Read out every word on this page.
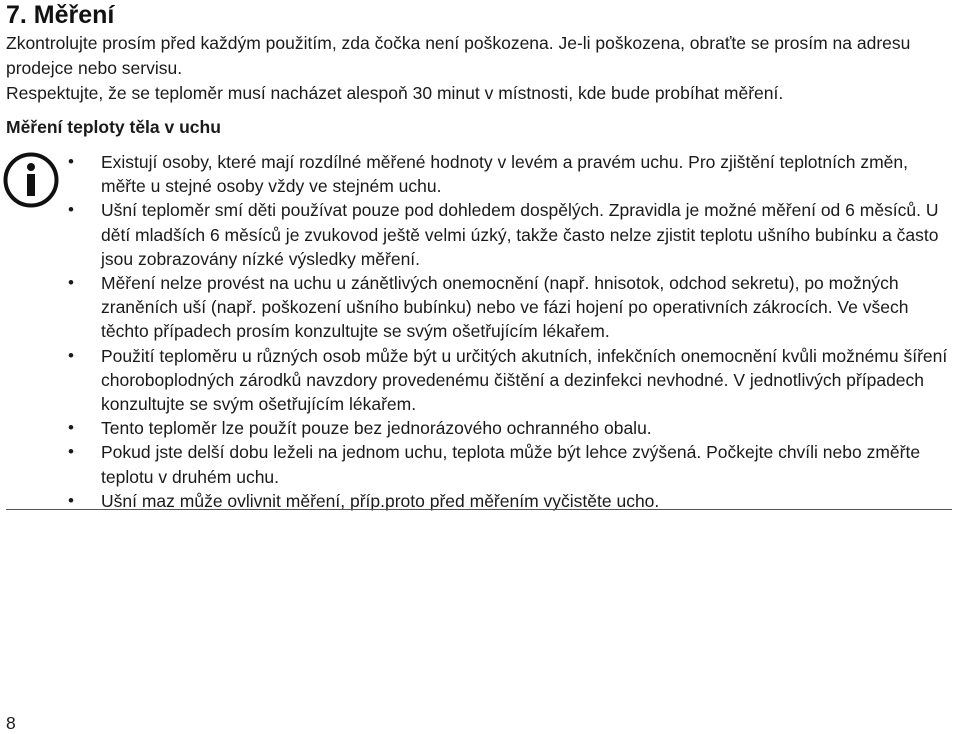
7. Měření

Zkontrolujte prosím před každým použitím, zda čočka není poškozena. Je-li poškozena, obraťte se prosím na adresu prodejce nebo servisu.

Respektujte, že se teploměr musí nacházet alespoň 30 minut v místnosti, kde bude probíhat měření.

Měření teploty těla v uchu
• Existují osoby, které mají rozdílné měřené hodnoty v levém a pravém uchu. Pro zjištění teplotních změn, měřte u stejné osoby vždy ve stejném uchu.
• Ušní teploměr smí děti používat pouze pod dohledem dospělých. Zpravidla je možné měření od 6 měsíců. U dětí mladších 6 měsíců je zvukovod ještě velmi úzký, takže často nelze zjistit teplotu ušního bubínku a často jsou zobrazovány nízké výsledky měření.
• Měření nelze provést na uchu u zánětlivých onemocnění (např. hnisotok, odchod sekretu), po možných zraněních uší (např. poškození ušního bubínku) nebo ve fázi hojení po operativních zákrocích. Ve všech těchto případech prosím konzultujte se svým ošetřujícím lékařem.
• Použití teploměru u různých osob může být u určitých akutních, infekčních onemocnění kvůli možnému šíření choroboplodných zárodků navzdory provedenému čištění a dezinfekci nevhodné. V jednotlivých případech konzultujte se svým ošetřujícím lékařem.
• Tento teploměr lze použít pouze bez jednorázového ochranného obalu.
• Pokud jste delší dobu leželi na jednom uchu, teplota může být lehce zvýšená. Počkejte chvíli nebo změřte teplotu v druhém uchu.
• Ušní maz může ovlivnit měření, příp.proto před měřením vyčistěte ucho.
8
